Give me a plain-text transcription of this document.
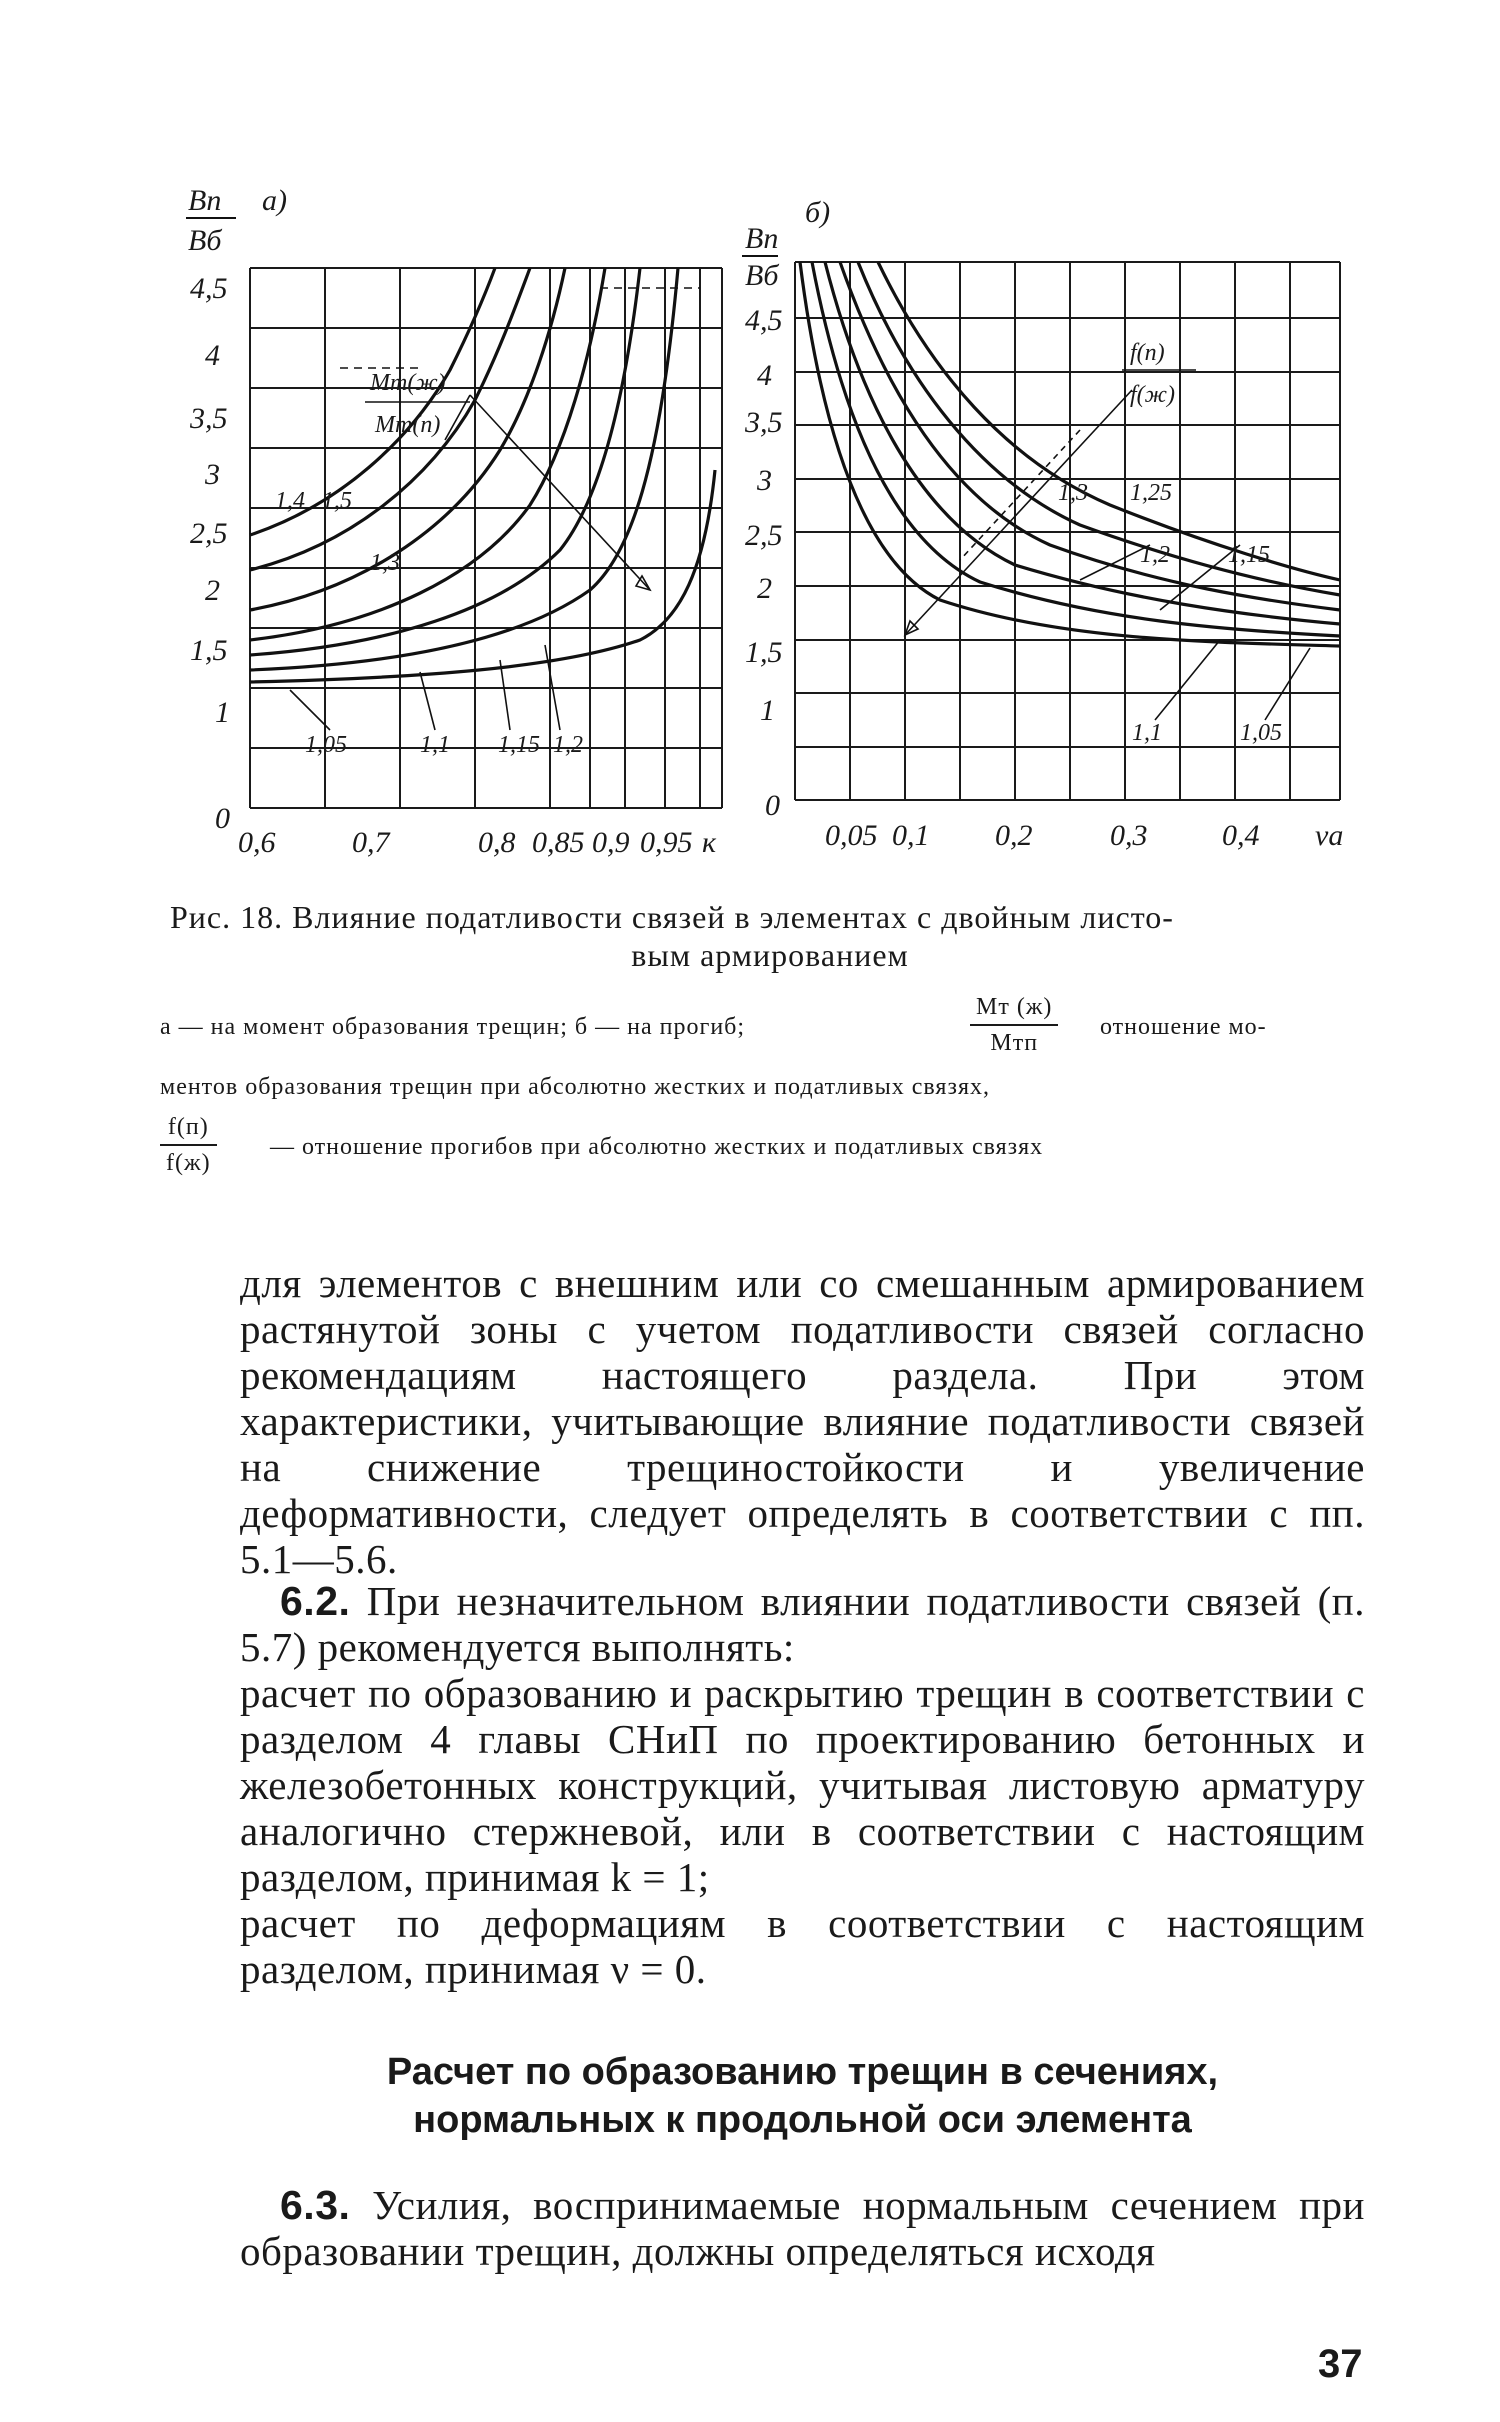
а)
Вп
Вб
4,5
4
3,5
3
2,5
2
1,5
1
0
0,6	0,7	0,8 0,85 0,9 0,95 к
Mт(ж)
Mт(п)
1,4 1,5
1,3
1,05	1,1 1,15 1,2
б)
Вп
Вб
4,5
4
3,5
3
2,5
2
1,5
1
0
0,05 0,1 0,2	0,3 0,4 νa
f(п)
f(ж)
1,3 1,25
1,2 1,15
1,1	1,05
Рис. 18. Влияние податливости связей в элементах с двойным листо-
вым армированием
а — на момент образования трещин; б — на прогиб;
Мт (ж)
Мтп
отношение мо-
ментов образования трещин при абсолютно жестких и податливых связях,
f(п)
f(ж)
— отношение прогибов при абсолютно жестких и податливых связях

для элементов с внешним или со смешанным армированием растянутой зоны с учетом податливости связей согласно рекомендациям настоящего раздела. При этом характеристики, учитывающие влияние податливости связей на снижение трещиностойкости и увеличение деформативности, следует определять в соответствии с пп. 5.1—5.6.

6.2. При незначительном влиянии податливости связей (п. 5.7) рекомендуется выполнять:

расчет по образованию и раскрытию трещин в соответствии с разделом 4 главы СНиП по проектированию бетонных и железобетонных конструкций, учитывая листовую арматуру аналогично стержневой, или в соответствии с настоящим разделом, принимая k = 1;

расчет по деформациям в соответствии с настоящим разделом, принимая ν = 0.

Расчет по образованию трещин в сечениях,
нормальных к продольной оси элемента

6.3. Усилия, воспринимаемые нормальным сечением при образовании трещин, должны определяться исходя

37
